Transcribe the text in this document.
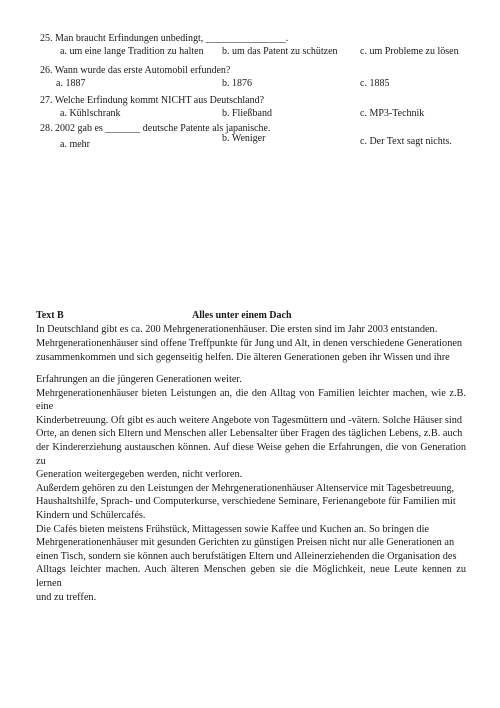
25. Man braucht Erfindungen unbedingt, ________________.
a. um eine lange Tradition zu halten b. um das Patent zu schützen c. um Probleme zu lösen
26. Wann wurde das erste Automobil erfunden?
a. 1887	b. 1876	c. 1885
27. Welche Erfindung kommt NICHT aus Deutschland?
a. Kühlschrank	b. Fließband	c. MP3-Technik
28. 2002 gab es _______ deutsche Patente als japanische.
a. mehr
b. Weniger	c. Der Text sagt nichts.
Text B	Alles unter einem Dach

In Deutschland gibt es ca. 200 Mehrgenerationenhäuser. Die ersten sind im Jahr 2003 entstanden.
Mehrgenerationenhäuser sind offene Treffpunkte für Jung und Alt, in denen verschiedene Generationen
zusammenkommen und sich gegenseitig helfen. Die älteren Generationen geben ihr Wissen und ihre

Erfahrungen an die jüngeren Generationen weiter.
Mehrgenerationenhäuser bieten Leistungen an, die den Alltag von Familien leichter machen, wie z.B. eine
Kinderbetreuung. Oft gibt es auch weitere Angebote von Tagesmüttern und -vätern. Solche Häuser sind
Orte, an denen sich Eltern und Menschen aller Lebensalter über Fragen des täglichen Lebens, z.B. auch
der Kindererziehung austauschen können. Auf diese Weise gehen die Erfahrungen, die von Generation zu
Generation weitergegeben werden, nicht verloren.
Außerdem gehören zu den Leistungen der Mehrgenerationenhäuser Altenservice mit Tagesbetreuung,
Haushaltshilfe, Sprach- und Computerkurse, verschiedene Seminare, Ferienangebote für Familien mit
Kindern und Schülercafés.
Die Cafés bieten meistens Frühstück, Mittagessen sowie Kaffee und Kuchen an. So bringen die
Mehrgenerationenhäuser mit gesunden Gerichten zu günstigen Preisen nicht nur alle Generationen an
einen Tisch, sondern sie können auch berufstätigen Eltern und Alleinerziehenden die Organisation des
Alltags leichter machen. Auch älteren Menschen geben sie die Möglichkeit, neue Leute kennen zu lernen
und zu treffen.
